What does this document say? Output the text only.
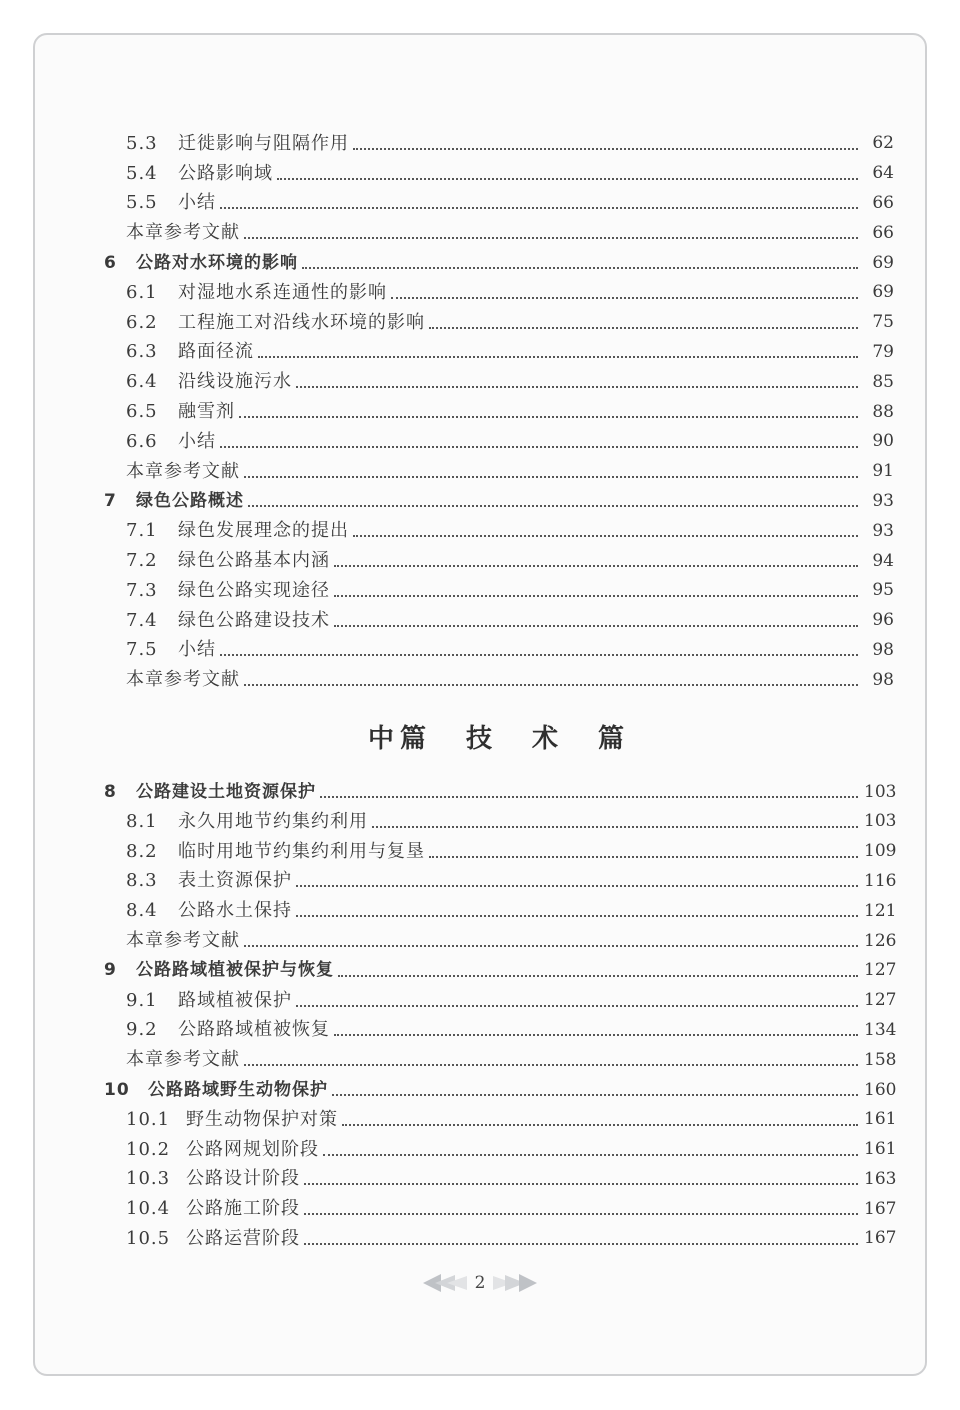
5.3	迁徙影响与阻隔作用	62
5.4	公路影响域	64
5.5	小结	66
本章参考文献	66
6	公路对水环境的影响	69
6.1	对湿地水系连通性的影响	69
6.2	工程施工对沿线水环境的影响	75
6.3	路面径流	79
6.4	沿线设施污水	85
6.5	融雪剂	88
6.6	小结	90
本章参考文献	91
7	绿色公路概述	93
7.1	绿色发展理念的提出	93
7.2	绿色公路基本内涵	94
7.3	绿色公路实现途径	95
7.4	绿色公路建设技术	96
7.5	小结	98
本章参考文献	98
中篇 技 术 篇
8	公路建设土地资源保护	103
8.1	永久用地节约集约利用	103
8.2	临时用地节约集约利用与复垦	109
8.3	表土资源保护	116
8.4	公路水土保持	121
本章参考文献	126
9	公路路域植被保护与恢复	127
9.1	路域植被保护	127
9.2	公路路域植被恢复	134
本章参考文献	158
10	公路路域野生动物保护	160
10.1 野生动物保护对策	161
10.2 公路网规划阶段	161
10.3 公路设计阶段	163
10.4 公路施工阶段	167
10.5 公路运营阶段	167
2
